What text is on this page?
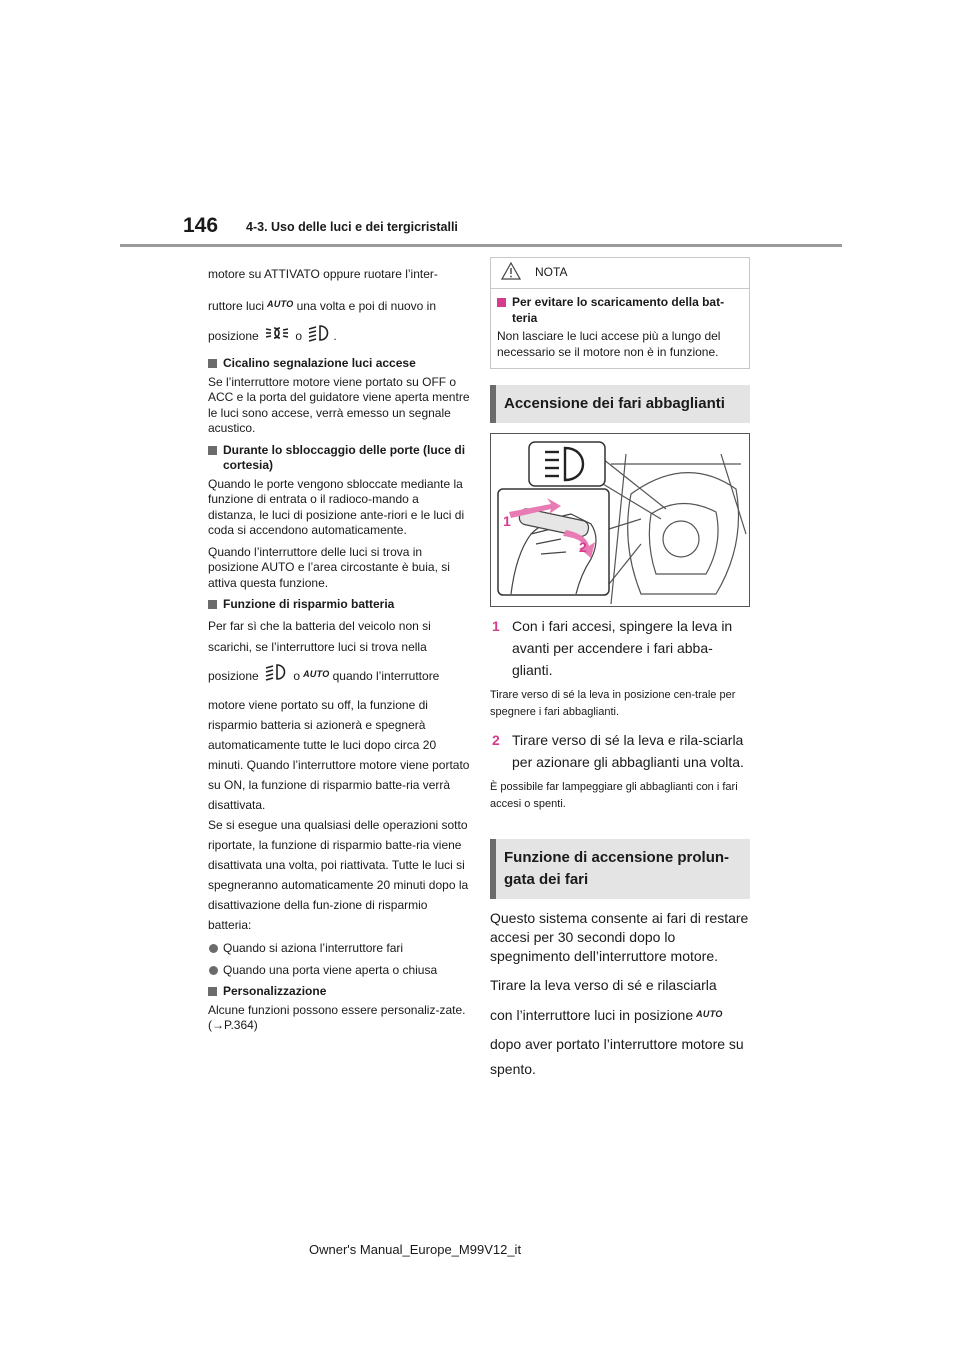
146 4-3. Uso delle luci e dei tergicristalli

motore su ATTIVATO oppure ruotare l’inter-

ruttore luci $^{AUTO}$ una volta e poi di nuovo in

posizione	o	.

Cicalino segnalazione luci accese

Se l’interruttore motore viene portato su OFF o ACC e la porta del guidatore viene aperta mentre le luci sono accese, verrà emesso un segnale acustico.

Durante lo sbloccaggio delle porte (luce di cortesia)

Quando le porte vengono sbloccate mediante la funzione di entrata o il radioco-mando a distanza, le luci di posizione ante-riori e le luci di coda si accendono automaticamente.

Quando l’interruttore delle luci si trova in posizione AUTO e l’area circostante è buia, si attiva questa funzione.

Funzione di risparmio batteria

Per far sì che la batteria del veicolo non si scarichi, se l’interruttore luci si trova nella

posizione	o $^{AUTO}$ quando l’interruttore

motore viene portato su off, la funzione di risparmio batteria si azionerà e spegnerà automaticamente tutte le luci dopo circa 20 minuti. Quando l’interruttore motore viene portato su ON, la funzione di risparmio batte-ria verrà disattivata.

Se si esegue una qualsiasi delle operazioni sotto riportate, la funzione di risparmio batte-ria viene disattivata una volta, poi riattivata. Tutte le luci si spegneranno automaticamente 20 minuti dopo la disattivazione della fun-zione di risparmio batteria:

Quando si aziona l’interruttore fari
Quando una porta viene aperta o chiusa
Personalizzazione

Alcune funzioni possono essere personaliz-zate. (→P.364)

NOTA
Per evitare lo scaricamento della bat-teria

Non lasciare le luci accese più a lungo del necessario se il motore non è in funzione.

Accensione dei fari abbaglianti
1
2
1 Con i fari accesi, spingere la leva in avanti per accendere i fari abba-glianti.

Tirare verso di sé la leva in posizione cen-trale per spegnere i fari abbaglianti.

2 Tirare verso di sé la leva e rila-sciarla per azionare gli abbaglianti una volta.

È possibile far lampeggiare gli abbaglianti con i fari accesi o spenti.

Funzione di accensione prolun-gata dei fari

Questo sistema consente ai fari di restare accesi per 30 secondi dopo lo spegnimento dell’interruttore motore.

Tirare la leva verso di sé e rilasciarla

con l’interruttore luci in posizione $^{AUTO}$

dopo aver portato l’interruttore motore su spento.

Owner's Manual_Europe_M99V12_it
